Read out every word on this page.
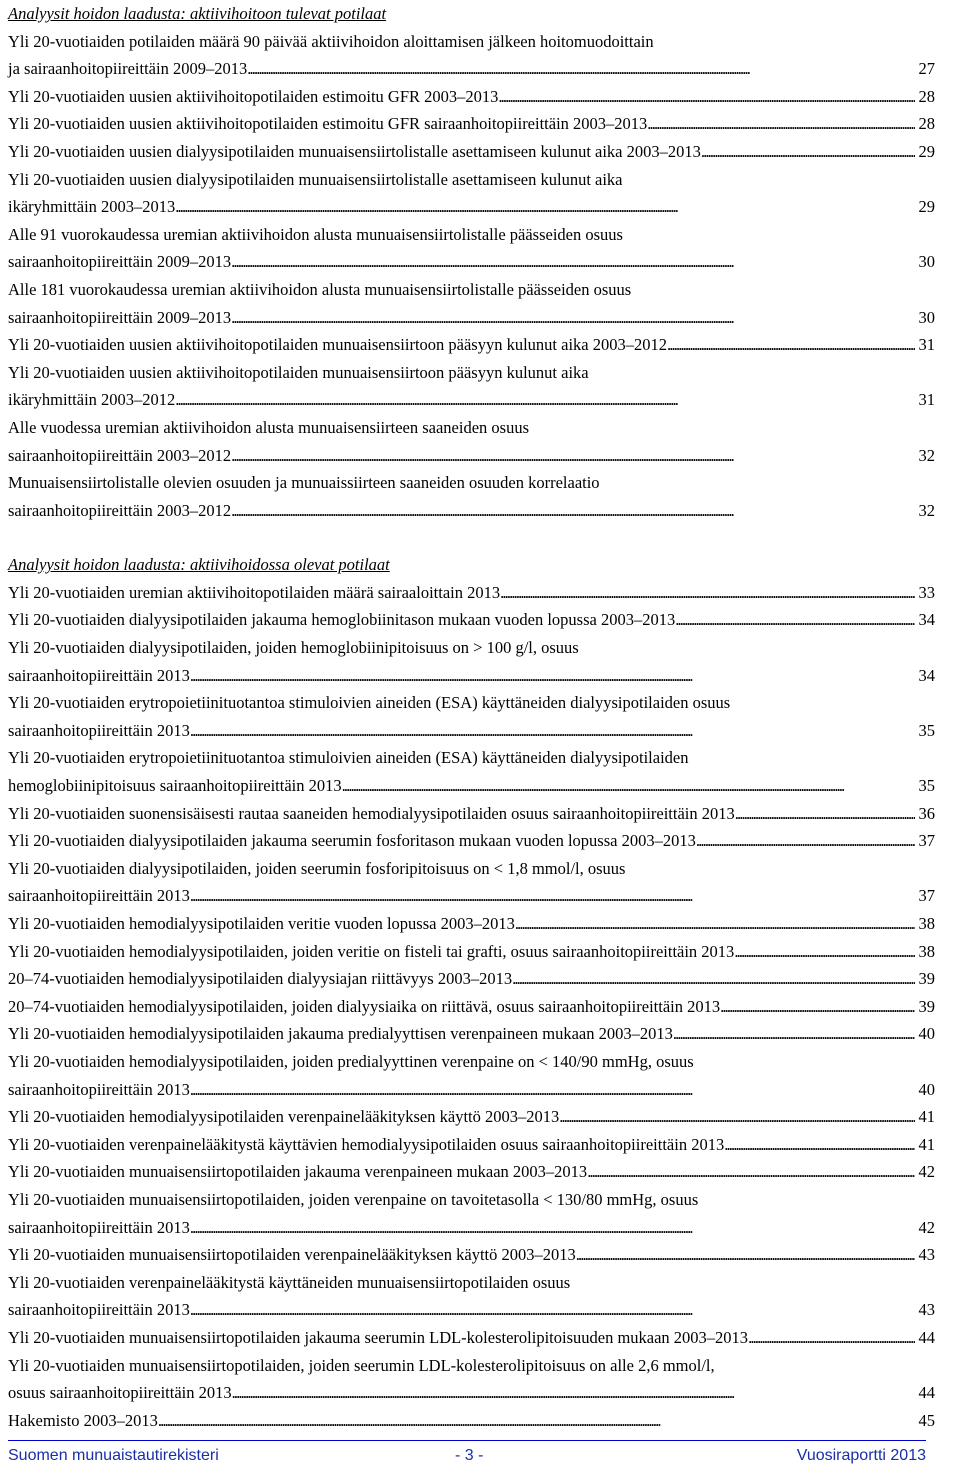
Analyysit hoidon laadusta: aktiivihoitoon tulevat potilaat
Yli 20-vuotiaiden potilaiden määrä 90 päivää aktiivihoidon aloittamisen jälkeen hoitomuodoittain
ja sairaanhoitopiireittäin 2009–2013 . . .	27
Yli 20-vuotiaiden uusien aktiivihoitopotilaiden estimoitu GFR 2003–2013 . . .	28
Yli 20-vuotiaiden uusien aktiivihoitopotilaiden estimoitu GFR sairaanhoitopiireittäin 2003–2013 . . .	28
Yli 20-vuotiaiden uusien dialyysipotilaiden munuaisensiirtolistalle asettamiseen kulunut aika 2003–2013 . . .	29
Yli 20-vuotiaiden uusien dialyysipotilaiden munuaisensiirtolistalle asettamiseen kulunut aika
ikäryhmittäin 2003–2013 . . .	29
Alle 91 vuorokaudessa uremian aktiivihoidon alusta munuaisensiirtolistalle päässeiden osuus
sairaanhoitopiireittäin 2009–2013 . . .	30
Alle 181 vuorokaudessa uremian aktiivihoidon alusta munuaisensiirtolistalle päässeiden osuus
sairaanhoitopiireittäin 2009–2013 . . .	30
Yli 20-vuotiaiden uusien aktiivihoitopotilaiden munuaisensiirtoon pääsyyn kulunut aika 2003–2012 . . .	31
Yli 20-vuotiaiden uusien aktiivihoitopotilaiden munuaisensiirtoon pääsyyn kulunut aika
ikäryhmittäin 2003–2012 . . .	31
Alle vuodessa uremian aktiivihoidon alusta munuaisensiirteen saaneiden osuus
sairaanhoitopiireittäin 2003–2012 . . .	32
Munuaisensiirtolistalle olevien osuuden ja munuaissiirteen saaneiden osuuden korrelaatio
sairaanhoitopiireittäin 2003–2012 . . .	32
Analyysit hoidon laadusta: aktiivihoidossa olevat potilaat
Yli 20-vuotiaiden uremian aktiivihoitopotilaiden määrä sairaaloittain 2013 . . .	33
Yli 20-vuotiaiden dialyysipotilaiden jakauma hemoglobiinitason mukaan vuoden lopussa 2003–2013 . . .	34
Yli 20-vuotiaiden dialyysipotilaiden, joiden hemoglobiinipitoisuus on > 100 g/l, osuus
sairaanhoitopiireittäin 2013 . . .	34
Yli 20-vuotiaiden erytropoietiinituotantoa stimuloivien aineiden (ESA) käyttäneiden dialyysipotilaiden osuus
sairaanhoitopiireittäin 2013 . . .	35
Yli 20-vuotiaiden erytropoietiinituotantoa stimuloivien aineiden (ESA) käyttäneiden dialyysipotilaiden
hemoglobiinipitoisuus sairaanhoitopiireittäin 2013 . . .	35
Yli 20-vuotiaiden suonensisäisesti rautaa saaneiden hemodialyysipotilaiden osuus sairaanhoitopiireittäin 2013 . . .	36
Yli 20-vuotiaiden dialyysipotilaiden jakauma seerumin fosforitason mukaan vuoden lopussa 2003–2013 . . .	37
Yli 20-vuotiaiden dialyysipotilaiden, joiden seerumin fosforipitoisuus on < 1,8 mmol/l, osuus
sairaanhoitopiireittäin 2013 . . .	37
Yli 20-vuotiaiden hemodialyysipotilaiden veritie vuoden lopussa 2003–2013 . . .	38
Yli 20-vuotiaiden hemodialyysipotilaiden, joiden veritie on fisteli tai grafti, osuus sairaanhoitopiireittäin 2013 . . .	38
20–74-vuotiaiden hemodialyysipotilaiden dialyysiajan riittävyys 2003–2013 . . .	39
20–74-vuotiaiden hemodialyysipotilaiden, joiden dialyysiaika on riittävä, osuus sairaanhoitopiireittäin 2013 . . .	39
Yli 20-vuotiaiden hemodialyysipotilaiden jakauma predialyyttisen verenpaineen mukaan 2003–2013 . . .	40
Yli 20-vuotiaiden hemodialyysipotilaiden, joiden predialyyttinen verenpaine on < 140/90 mmHg, osuus
sairaanhoitopiireittäin 2013 . . .	40
Yli 20-vuotiaiden hemodialyysipotilaiden verenpainelääkityksen käyttö 2003–2013 . . .	41
Yli 20-vuotiaiden verenpainelääkitystä käyttävien hemodialyysipotilaiden osuus sairaanhoitopiireittäin 2013 . . .	41
Yli 20-vuotiaiden munuaisensiirtopotilaiden jakauma verenpaineen mukaan 2003–2013 . . .	42
Yli 20-vuotiaiden munuaisensiirtopotilaiden, joiden verenpaine on tavoitetasolla < 130/80 mmHg, osuus
sairaanhoitopiireittäin 2013 . . .	42
Yli 20-vuotiaiden munuaisensiirtopotilaiden verenpainelääkityksen käyttö 2003–2013 . . .	43
Yli 20-vuotiaiden verenpainelääkitystä käyttäneiden munuaisensiirtopotilaiden osuus
sairaanhoitopiireittäin 2013 . . .	43
Yli 20-vuotiaiden munuaisensiirtopotilaiden jakauma seerumin LDL-kolesterolipitoisuuden mukaan 2003–2013 . . .	44
Yli 20-vuotiaiden munuaisensiirtopotilaiden, joiden seerumin LDL-kolesterolipitoisuus on alle 2,6 mmol/l,
osuus sairaanhoitopiireittäin 2013 . . .	44
Hakemisto 2003–2013 . . .	45
Suomen munuaistautirekisteri	- 3 -	Vuosiraportti 2013
